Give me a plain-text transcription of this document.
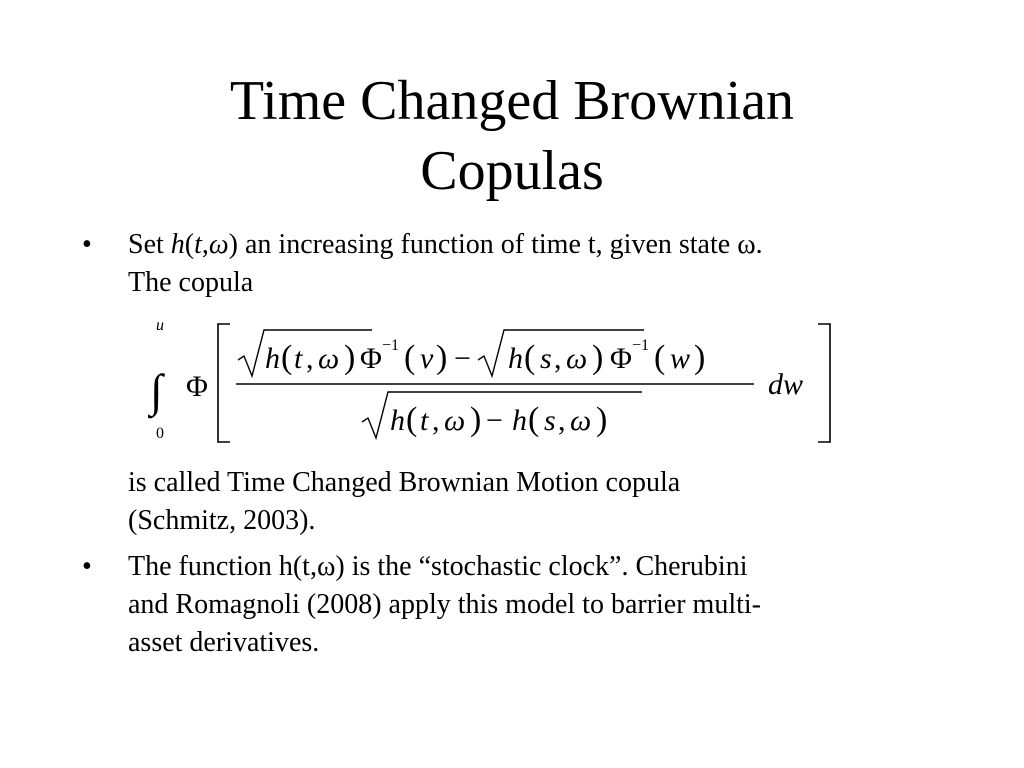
Time Changed Brownian
Copulas
• Set h(t,ω) an increasing function of time t, given state ω.
The copula
u
∫
0
Φ
h ( t , ω ) Φ −1 ( v ) − h ( s , ω ) Φ −1 ( w )
dw
h ( t , ω ) − h ( s , ω )
is called Time Changed Brownian Motion copula
(Schmitz, 2003).
• The function h(t,ω) is the “stochastic clock”. Cherubini
and Romagnoli (2008) apply this model to barrier multi-
asset derivatives.
